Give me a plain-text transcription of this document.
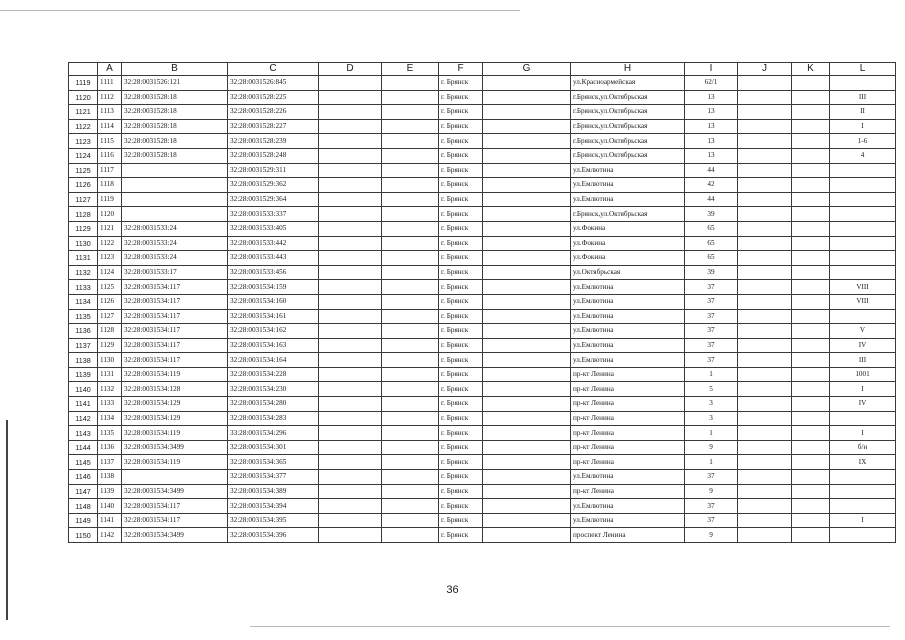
	A	B	C	D	E	F	G	H	I	J	K	L
1119	1111	32:28:0031526:121	32:28:0031526:845			г. Брянск		ул.Красноармейская	62/1			
1120	1112	32:28:0031528:18	32:28:0031528:225			г. Брянск		г.Брянск,ул.Октябрьская	13			III
1121	1113	32:28:0031528:18	32:28:0031528:226			г. Брянск		г.Брянск,ул.Октябрьская	13			II
1122	1114	32:28:0031528:18	32:28:0031528:227			г. Брянск		г.Брянск,ул.Октябрьская	13			I
1123	1115	32:28:0031528:18	32:28:0031528:239			г. Брянск		г.Брянск,ул.Октябрьская	13			1-6
1124	1116	32:28:0031528:18	32:28:0031528:248			г. Брянск		г.Брянск,ул.Октябрьская	13			4
1125	1117		32:28:0031529:311			г. Брянск		ул.Емлютина	44			
1126	1118		32:28:0031529:362			г. Брянск		ул.Емлютина	42			
1127	1119		32:28:0031529:364			г. Брянск		ул.Емлютина	44			
1128	1120		32:28:0031533:337			г. Брянск		г.Брянск,ул.Октябрьская	39			
1129	1121	32:28:0031533:24	32:28:0031533:405			г. Брянск		ул.Фокина	65			
1130	1122	32:28:0031533:24	32:28:0031533:442			г. Брянск		ул.Фокина	65			
1131	1123	32:28:0031533:24	32:28:0031533:443			г. Брянск		ул.Фокина	65			
1132	1124	32:28:0031533:17	32:28:0031533:456			г. Брянск		ул.Октябрьская	39			
1133	1125	32:28:0031534:117	32:28:0031534:159			г. Брянск		ул.Емлютина	37			VIII
1134	1126	32:28:0031534:117	32:28:0031534:160			г. Брянск		ул.Емлютина	37			VIII
1135	1127	32:28:0031534:117	32:28:0031534:161			г. Брянск		ул.Емлютина	37			
1136	1128	32:28:0031534:117	32:28:0031534:162			г. Брянск		ул.Емлютина	37			V
1137	1129	32:28:0031534:117	32:28:0031534:163			г. Брянск		ул.Емлютина	37			IV
1138	1130	32:28:0031534:117	32:28:0031534:164			г. Брянск		ул.Емлютина	37			III
1139	1131	32:28:0031534:119	32:28:0031534:228			г. Брянск		пр-кт Ленина	1			1001
1140	1132	32:28:0031534:128	32:28:0031534:230			г. Брянск		пр-кт Ленина	5			I
1141	1133	32:28:0031534:129	32:28:0031534:280			г. Брянск		пр-кт Ленина	3			IV
1142	1134	32:28:0031534:129	32:28:0031534:283			г. Брянск		пр-кт Ленина	3			
1143	1135	32:28:0031534:119	33:28:0031534:296			г. Брянск		пр-кт Ленина	1			I
1144	1136	32:28:0031534:3499	32:28:0031534:301			г. Брянск		пр-кт Ленина	9			б/н
1145	1137	32:28:0031534:119	32:28:0031534:365			г. Брянск		пр-кт Ленина	1			IX
1146	1138		32:28:0031534:377			г. Брянск		ул.Емлютина	37			
1147	1139	32:28:0031534:3499	32:28:0031534:389			г. Брянск		пр-кт Ленина	9			
1148	1140	32:28:0031534:117	32:28:0031534:394			г. Брянск		ул.Емлютина	37			
1149	1141	32:28:0031534:117	32:28:0031534:395			г. Брянск		ул.Емлютина	37			I
1150	1142	32:28:0031534:3499	32:28:0031534:396			г. Брянск		проспект Ленина	9			
36
